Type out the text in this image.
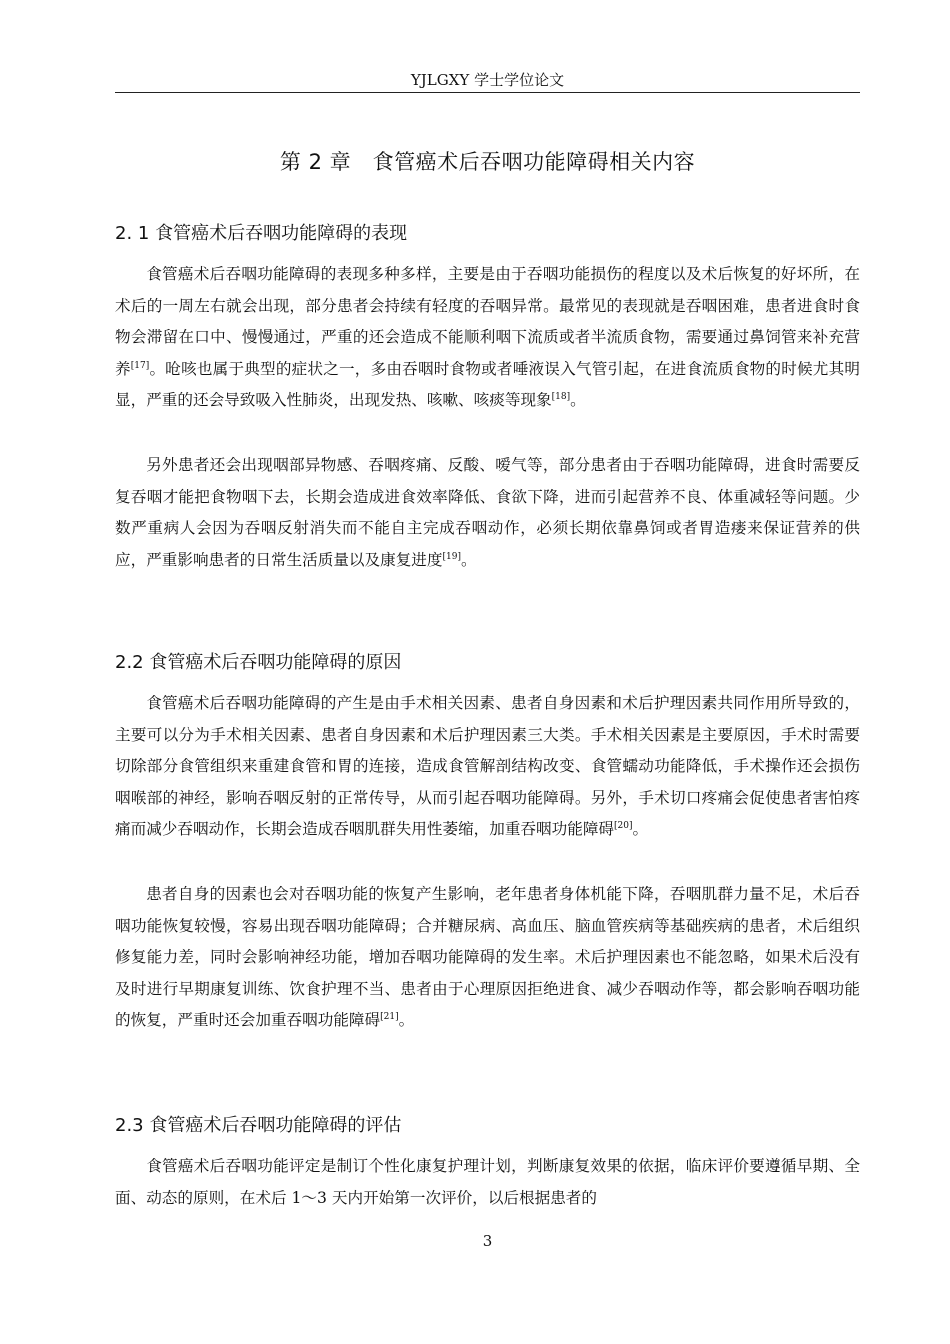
YJLGXY 学士学位论文
第 2 章　食管癌术后吞咽功能障碍相关内容
2. 1 食管癌术后吞咽功能障碍的表现

食管癌术后吞咽功能障碍的表现多种多样，主要是由于吞咽功能损伤的程度以及术后恢复的好坏所，在术后的一周左右就会出现，部分患者会持续有轻度的吞咽异常。最常见的表现就是吞咽困难，患者进食时食物会滞留在口中、慢慢通过，严重的还会造成不能顺利咽下流质或者半流质食物，需要通过鼻饲管来补充营养[17]。呛咳也属于典型的症状之一，多由吞咽时食物或者唾液误入气管引起，在进食流质食物的时候尤其明显，严重的还会导致吸入性肺炎，出现发热、咳嗽、咳痰等现象[18]。

另外患者还会出现咽部异物感、吞咽疼痛、反酸、嗳气等，部分患者由于吞咽功能障碍，进食时需要反复吞咽才能把食物咽下去，长期会造成进食效率降低、食欲下降，进而引起营养不良、体重减轻等问题。少数严重病人会因为吞咽反射消失而不能自主完成吞咽动作，必须长期依靠鼻饲或者胃造瘘来保证营养的供应，严重影响患者的日常生活质量以及康复进度[19]。

2.2 食管癌术后吞咽功能障碍的原因

食管癌术后吞咽功能障碍的产生是由手术相关因素、患者自身因素和术后护理因素共同作用所导致的，主要可以分为手术相关因素、患者自身因素和术后护理因素三大类。手术相关因素是主要原因，手术时需要切除部分食管组织来重建食管和胃的连接，造成食管解剖结构改变、食管蠕动功能降低，手术操作还会损伤咽喉部的神经，影响吞咽反射的正常传导，从而引起吞咽功能障碍。另外，手术切口疼痛会促使患者害怕疼痛而减少吞咽动作，长期会造成吞咽肌群失用性萎缩，加重吞咽功能障碍[20]。

患者自身的因素也会对吞咽功能的恢复产生影响，老年患者身体机能下降，吞咽肌群力量不足，术后吞咽功能恢复较慢，容易出现吞咽功能障碍；合并糖尿病、高血压、脑血管疾病等基础疾病的患者，术后组织修复能力差，同时会影响神经功能，增加吞咽功能障碍的发生率。术后护理因素也不能忽略，如果术后没有及时进行早期康复训练、饮食护理不当、患者由于心理原因拒绝进食、减少吞咽动作等，都会影响吞咽功能的恢复，严重时还会加重吞咽功能障碍[21]。

2.3 食管癌术后吞咽功能障碍的评估

食管癌术后吞咽功能评定是制订个性化康复护理计划，判断康复效果的依据，临床评价要遵循早期、全面、动态的原则，在术后 1～3 天内开始第一次评价，以后根据患者的

3
